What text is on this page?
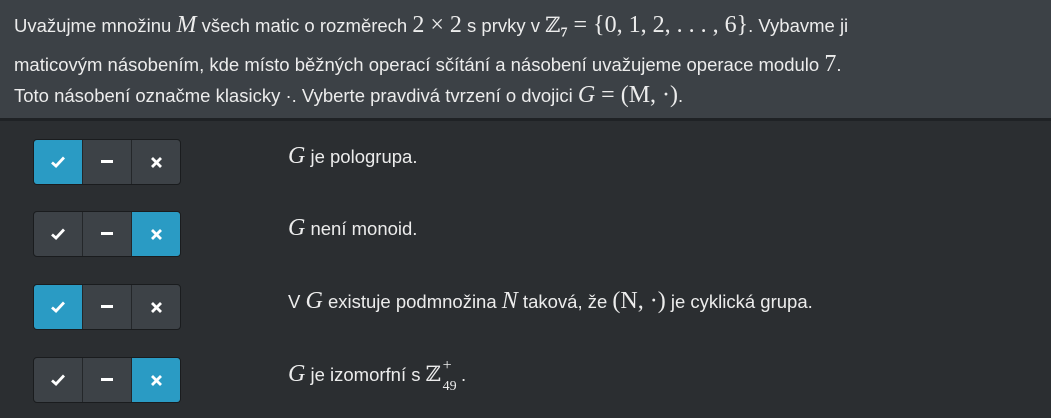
Uvažujme množinu M všech matic o rozměrech 2 × 2 s prvky v ℤ$_7$ = {0, 1, 2, . . . , 6}. Vybavme ji
maticovým násobením, kde místo běžných operací sčítání a násobení uvažujeme operace modulo 7.
Toto násobení označme klasicky ·. Vyberte pravdivá tvrzení o dvojici G = (M, ·).
G je pologrupa.
G není monoid.
V G existuje podmnožina N taková, že (N, ·) je cyklická grupa.
G je izomorfní s ℤ +
49
.
